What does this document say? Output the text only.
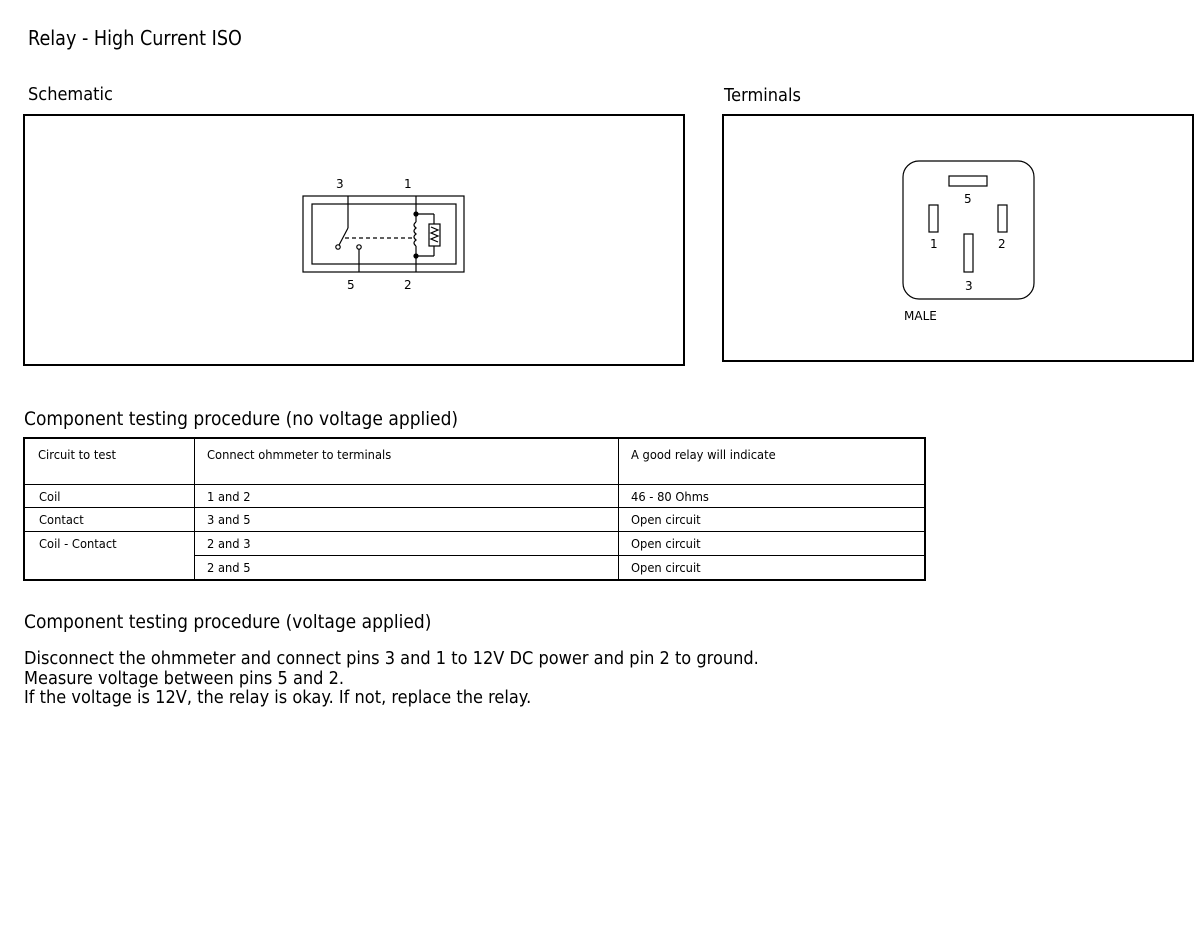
Relay - High Current ISO
Schematic
3	1
5	2
Terminals
5
1	2
3
MALE
Component testing procedure (no voltage applied)
Circuit to test	Connect ohmmeter to terminals	A good relay will indicate
Coil	1 and 2	46 - 80 Ohms
Contact	3 and 5	Open circuit
Coil - Contact	2 and 3	Open circuit
	2 and 5	Open circuit
Component testing procedure (voltage applied)
Disconnect the ohmmeter and connect pins 3 and 1 to 12V DC power and pin 2 to ground.
Measure voltage between pins 5 and 2.
If the voltage is 12V, the relay is okay. If not, replace the relay.
